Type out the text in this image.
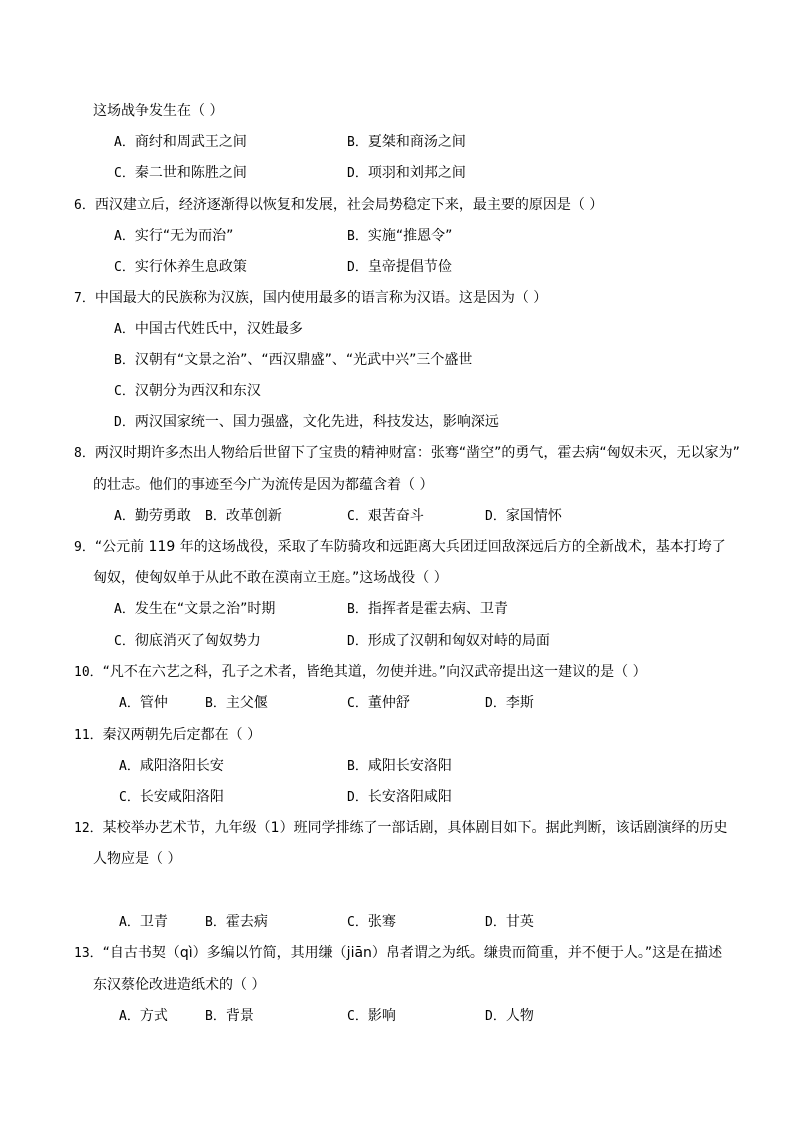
这场战争发生在（ ）
A．商纣和周武王之间	B．夏桀和商汤之间
C．秦二世和陈胜之间	D．项羽和刘邦之间
6．西汉建立后，经济逐渐得以恢复和发展，社会局势稳定下来，最主要的原因是（ ）
A．实行“无为而治”	B．实施“推恩令”
C．实行休养生息政策	D．皇帝提倡节俭
7．中国最大的民族称为汉族，国内使用最多的语言称为汉语。这是因为（ ）
A．中国古代姓氏中，汉姓最多
B．汉朝有“文景之治”、“西汉鼎盛”、“光武中兴”三个盛世
C．汉朝分为西汉和东汉
D．两汉国家统一、国力强盛，文化先进，科技发达，影响深远
8．两汉时期许多杰出人物给后世留下了宝贵的精神财富：张骞“凿空”的勇气，霍去病“匈奴未灭，无以家为”
的壮志。他们的事迹至今广为流传是因为都蕴含着（ ）
A．勤劳勇敢 B．改革创新	C．艰苦奋斗	D．家国情怀
9．“公元前 119 年的这场战役，采取了车防骑攻和远距离大兵团迂回敌深远后方的全新战术，基本打垮了
匈奴，使匈奴单于从此不敢在漠南立王庭。”这场战役（ ）
A．发生在“文景之治”时期	B．指挥者是霍去病、卫青
C．彻底消灭了匈奴势力	D．形成了汉朝和匈奴对峙的局面
10．“凡不在六艺之科，孔子之术者，皆绝其道，勿使并进。”向汉武帝提出这一建议的是（ ）
A．管仲	B．主父偃	C．董仲舒	D．李斯
11．秦汉两朝先后定都在（ ）
A．咸阳洛阳长安	B．咸阳长安洛阳
C．长安咸阳洛阳	D．长安洛阳咸阳
12．某校举办艺术节，九年级（1）班同学排练了一部话剧，具体剧目如下。据此判断，该话剧演绎的历史
人物应是（ ）
A．卫青	B．霍去病	C．张骞	D．甘英
13．“自古书契（qì）多编以竹简，其用缣（jiān）帛者谓之为纸。缣贵而简重，并不便于人。”这是在描述
东汉蔡伦改进造纸术的（ ）
A．方式	B．背景	C．影响	D．人物
